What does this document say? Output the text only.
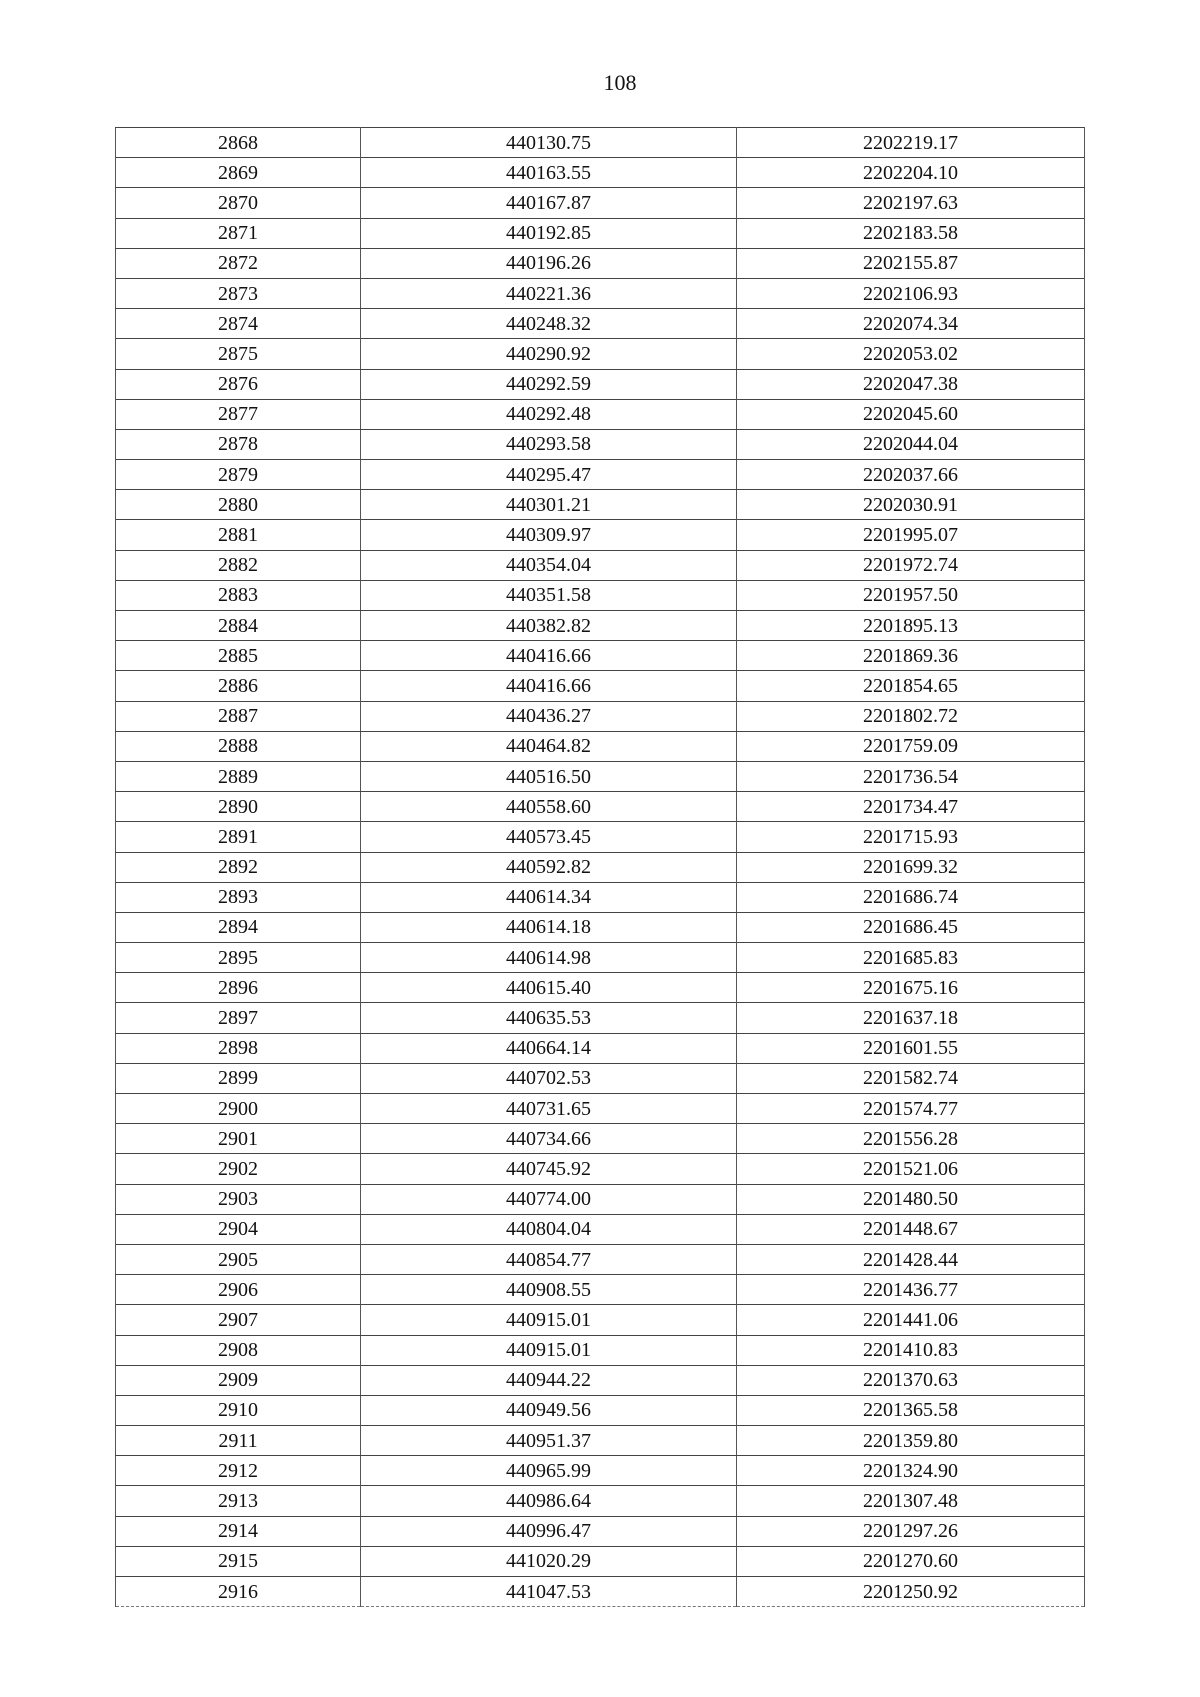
108
2868	440130.75	2202219.17
2869	440163.55	2202204.10
2870	440167.87	2202197.63
2871	440192.85	2202183.58
2872	440196.26	2202155.87
2873	440221.36	2202106.93
2874	440248.32	2202074.34
2875	440290.92	2202053.02
2876	440292.59	2202047.38
2877	440292.48	2202045.60
2878	440293.58	2202044.04
2879	440295.47	2202037.66
2880	440301.21	2202030.91
2881	440309.97	2201995.07
2882	440354.04	2201972.74
2883	440351.58	2201957.50
2884	440382.82	2201895.13
2885	440416.66	2201869.36
2886	440416.66	2201854.65
2887	440436.27	2201802.72
2888	440464.82	2201759.09
2889	440516.50	2201736.54
2890	440558.60	2201734.47
2891	440573.45	2201715.93
2892	440592.82	2201699.32
2893	440614.34	2201686.74
2894	440614.18	2201686.45
2895	440614.98	2201685.83
2896	440615.40	2201675.16
2897	440635.53	2201637.18
2898	440664.14	2201601.55
2899	440702.53	2201582.74
2900	440731.65	2201574.77
2901	440734.66	2201556.28
2902	440745.92	2201521.06
2903	440774.00	2201480.50
2904	440804.04	2201448.67
2905	440854.77	2201428.44
2906	440908.55	2201436.77
2907	440915.01	2201441.06
2908	440915.01	2201410.83
2909	440944.22	2201370.63
2910	440949.56	2201365.58
2911	440951.37	2201359.80
2912	440965.99	2201324.90
2913	440986.64	2201307.48
2914	440996.47	2201297.26
2915	441020.29	2201270.60
2916	441047.53	2201250.92
